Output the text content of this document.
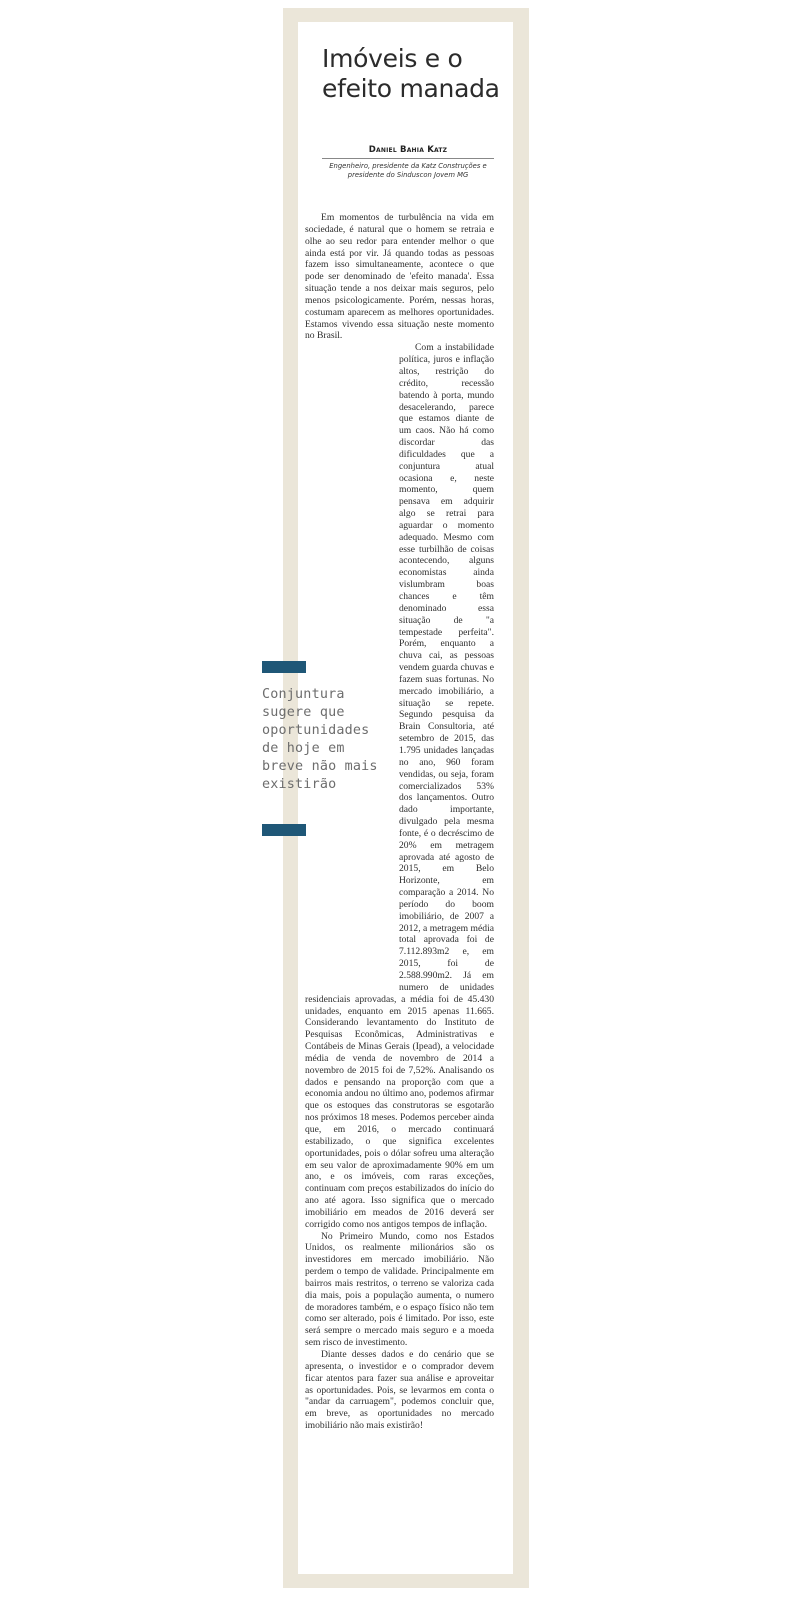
Imóveis e o efeito manada
Daniel Bahia Katz
Engenheiro, presidente da Katz Construções e presidente do Sinduscon Jovem MG

Em momentos de turbulência na vida em sociedade, é natural que o homem se retraia e olhe ao seu redor para entender melhor o que ainda está por vir. Já quando todas as pessoas fazem isso simultaneamente, acontece o que pode ser denominado de 'efeito manada'. Essa situação tende a nos deixar mais seguros, pelo menos psicologicamente. Porém, nessas horas, costumam aparecem as melhores oportunidades. Estamos vivendo essa situação neste momento no Brasil.

Com a instabilidade política, juros e inflação altos, restrição do crédito, recessão batendo à porta, mundo desacelerando, parece que estamos diante de um caos. Não há como discordar das dificuldades que a conjuntura atual ocasiona e, neste momento, quem pensava em adquirir algo se retrai para aguardar o momento adequado. Mesmo com esse turbilhão de coisas acontecendo, alguns economistas ainda vislumbram boas chances e têm denominado essa situação de "a tempestade perfeita". Porém, enquanto a chuva cai, as pessoas vendem guarda chuvas e fazem suas fortunas. No mercado imobiliário, a situação se repete. Segundo pesquisa da Brain Consultoria, até setembro de 2015, das 1.795 unidades lançadas no ano, 960 foram vendidas, ou seja, foram comercializados 53% dos lançamentos. Outro dado importante, divulgado pela mesma fonte, é o decréscimo de 20% em metragem aprovada até agosto de 2015, em Belo Horizonte, em comparação a 2014. No período do boom imobiliário, de 2007 a 2012, a metragem média total aprovada foi de 7.112.893m2 e, em 2015, foi de 2.588.990m2. Já em numero de unidades residenciais aprovadas, a média foi de 45.430 unidades, enquanto em 2015 apenas 11.665. Considerando levantamento do Instituto de Pesquisas Econômicas, Administrativas e Contábeis de Minas Gerais (Ipead), a velocidade média de venda de novembro de 2014 a novembro de 2015 foi de 7,52%. Analisando os dados e pensando na proporção com que a economia andou no último ano, podemos afirmar que os estoques das construtoras se esgotarão nos próximos 18 meses. Podemos perceber ainda que, em 2016, o mercado continuará estabilizado, o que significa excelentes oportunidades, pois o dólar sofreu uma alteração em seu valor de aproximadamente 90% em um ano, e os imóveis, com raras exceções, continuam com preços estabilizados do início do ano até agora. Isso significa que o mercado imobiliário em meados de 2016 deverá ser corrigido como nos antigos tempos de inflação.

No Primeiro Mundo, como nos Estados Unidos, os realmente milionários são os investidores em mercado imobiliário. Não perdem o tempo de validade. Principalmente em bairros mais restritos, o terreno se valoriza cada dia mais, pois a população aumenta, o numero de moradores também, e o espaço físico não tem como ser alterado, pois é limitado. Por isso, este será sempre o mercado mais seguro e a moeda sem risco de investimento.

Diante desses dados e do cenário que se apresenta, o investidor e o comprador devem ficar atentos para fazer sua análise e aproveitar as oportunidades. Pois, se levarmos em conta o "andar da carruagem", podemos concluir que, em breve, as oportunidades no mercado imobiliário não mais existirão!

Conjuntura sugere que oportunidades de hoje em breve não mais existirão
